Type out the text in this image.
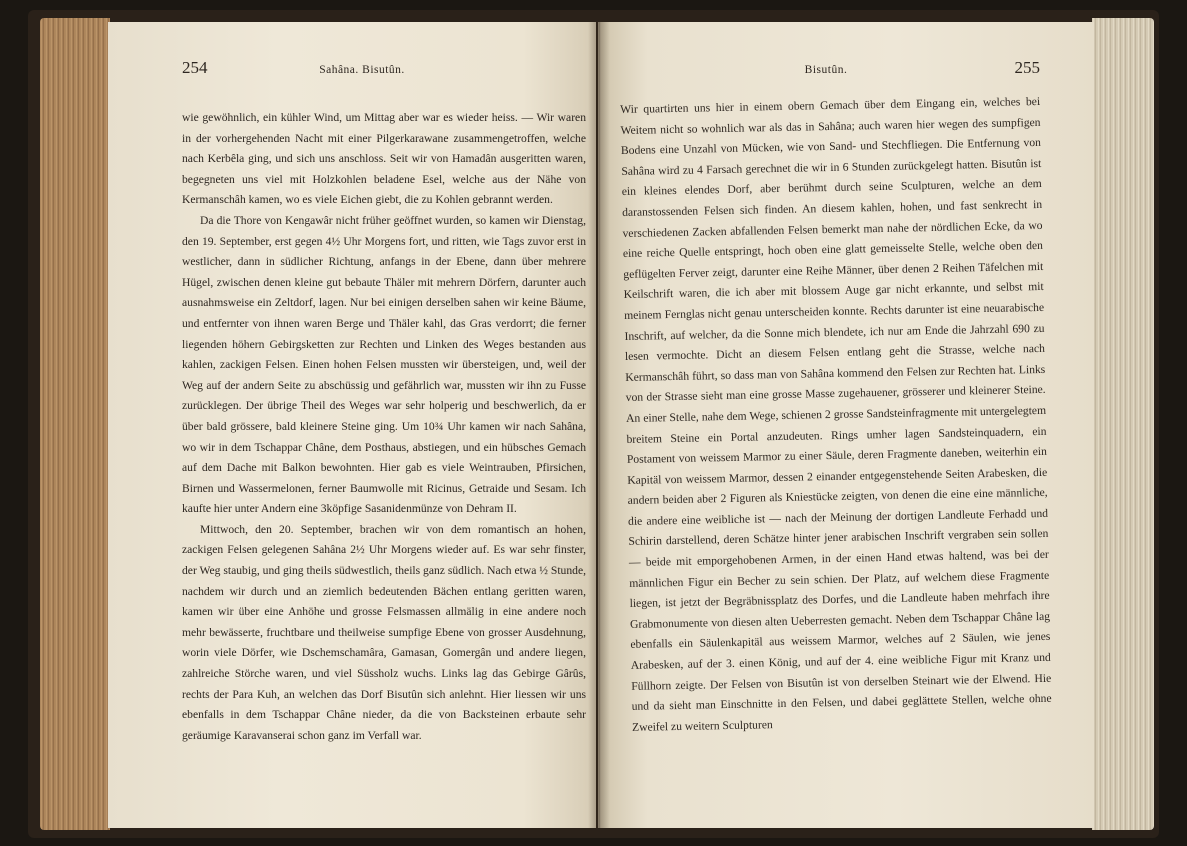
254	Sahâna. Bisutûn.

wie gewöhnlich, ein kühler Wind, um Mittag aber war es wieder heiss. — Wir waren in der vorhergehenden Nacht mit einer Pilgerkarawane zusammengetroffen, welche nach Kerbêla ging, und sich uns anschloss. Seit wir von Hamadân ausgeritten waren, begegneten uns viel mit Holzkohlen beladene Esel, welche aus der Nähe von Kermanschâh kamen, wo es viele Eichen giebt, die zu Kohlen gebrannt werden.

Da die Thore von Kengawâr nicht früher geöffnet wurden, so kamen wir Dienstag, den 19. September, erst gegen 4½ Uhr Morgens fort, und ritten, wie Tags zuvor erst in westlicher, dann in südlicher Richtung, anfangs in der Ebene, dann über mehrere Hügel, zwischen denen kleine gut bebaute Thäler mit mehrern Dörfern, darunter auch ausnahmsweise ein Zeltdorf, lagen. Nur bei einigen derselben sahen wir keine Bäume, und entfernter von ihnen waren Berge und Thäler kahl, das Gras verdorrt; die ferner liegenden höhern Gebirgsketten zur Rechten und Linken des Weges bestanden aus kahlen, zackigen Felsen. Einen hohen Felsen mussten wir übersteigen, und, weil der Weg auf der andern Seite zu abschüssig und gefährlich war, mussten wir ihn zu Fusse zurücklegen. Der übrige Theil des Weges war sehr holperig und beschwerlich, da er über bald grössere, bald kleinere Steine ging. Um 10¾ Uhr kamen wir nach Sahâna, wo wir in dem Tschappar Châne, dem Posthaus, abstiegen, und ein hübsches Gemach auf dem Dache mit Balkon bewohnten. Hier gab es viele Weintrauben, Pfirsichen, Birnen und Wassermelonen, ferner Baumwolle mit Ricinus, Getraide und Sesam. Ich kaufte hier unter Andern eine 3köpfige Sasanidenmünze von Dehram II.

Mittwoch, den 20. September, brachen wir von dem romantisch an hohen, zackigen Felsen gelegenen Sahâna 2½ Uhr Morgens wieder auf. Es war sehr finster, der Weg staubig, und ging theils südwestlich, theils ganz südlich. Nach etwa ½ Stunde, nachdem wir durch und an ziemlich bedeutenden Bächen entlang geritten waren, kamen wir über eine Anhöhe und grosse Felsmassen allmälig in eine andere noch mehr bewässerte, fruchtbare und theilweise sumpfige Ebene von grosser Ausdehnung, worin viele Dörfer, wie Dschemschamâra, Gamasan, Gomergân und andere liegen, zahlreiche Störche waren, und viel Süssholz wuchs. Links lag das Gebirge Gârûs, rechts der Para Kuh, an welchen das Dorf Bisutûn sich anlehnt. Hier liessen wir uns ebenfalls in dem Tschappar Châne nieder, da die von Backsteinen erbaute sehr geräumige Karavanserai schon ganz im Verfall war.

Bisutûn.	255

Wir quartirten uns hier in einem obern Gemach über dem Eingang ein, welches bei Weitem nicht so wohnlich war als das in Sahâna; auch waren hier wegen des sumpfigen Bodens eine Unzahl von Mücken, wie von Sand- und Stechfliegen. Die Entfernung von Sahâna wird zu 4 Farsach gerechnet die wir in 6 Stunden zurückgelegt hatten. Bisutûn ist ein kleines elendes Dorf, aber berühmt durch seine Sculpturen, welche an dem daranstossenden Felsen sich finden. An diesem kahlen, hohen, und fast senkrecht in verschiedenen Zacken abfallenden Felsen bemerkt man nahe der nördlichen Ecke, da wo eine reiche Quelle entspringt, hoch oben eine glatt gemeisselte Stelle, welche oben den geflügelten Ferver zeigt, darunter eine Reihe Männer, über denen 2 Reihen Täfelchen mit Keilschrift waren, die ich aber mit blossem Auge gar nicht erkannte, und selbst mit meinem Fernglas nicht genau unterscheiden konnte. Rechts darunter ist eine neuarabische Inschrift, auf welcher, da die Sonne mich blendete, ich nur am Ende die Jahrzahl 690 zu lesen vermochte. Dicht an diesem Felsen entlang geht die Strasse, welche nach Kermanschâh führt, so dass man von Sahâna kommend den Felsen zur Rechten hat. Links von der Strasse sieht man eine grosse Masse zugehauener, grösserer und kleinerer Steine. An einer Stelle, nahe dem Wege, schienen 2 grosse Sandsteinfragmente mit untergelegtem breitem Steine ein Portal anzudeuten. Rings umher lagen Sandsteinquadern, ein Postament von weissem Marmor zu einer Säule, deren Fragmente daneben, weiterhin ein Kapitäl von weissem Marmor, dessen 2 einander entgegenstehende Seiten Arabesken, die andern beiden aber 2 Figuren als Kniestücke zeigten, von denen die eine eine männliche, die andere eine weibliche ist — nach der Meinung der dortigen Landleute Ferhadd und Schirin darstellend, deren Schätze hinter jener arabischen Inschrift vergraben sein sollen — beide mit emporgehobenen Armen, in der einen Hand etwas haltend, was bei der männlichen Figur ein Becher zu sein schien. Der Platz, auf welchem diese Fragmente liegen, ist jetzt der Begräbnissplatz des Dorfes, und die Landleute haben mehrfach ihre Grabmonumente von diesen alten Ueberresten gemacht. Neben dem Tschappar Châne lag ebenfalls ein Säulenkapitäl aus weissem Marmor, welches auf 2 Säulen, wie jenes Arabesken, auf der 3. einen König, und auf der 4. eine weibliche Figur mit Kranz und Füllhorn zeigte. Der Felsen von Bisutûn ist von derselben Steinart wie der Elwend. Hie und da sieht man Einschnitte in den Felsen, und dabei geglättete Stellen, welche ohne Zweifel zu weitern Sculpturen
